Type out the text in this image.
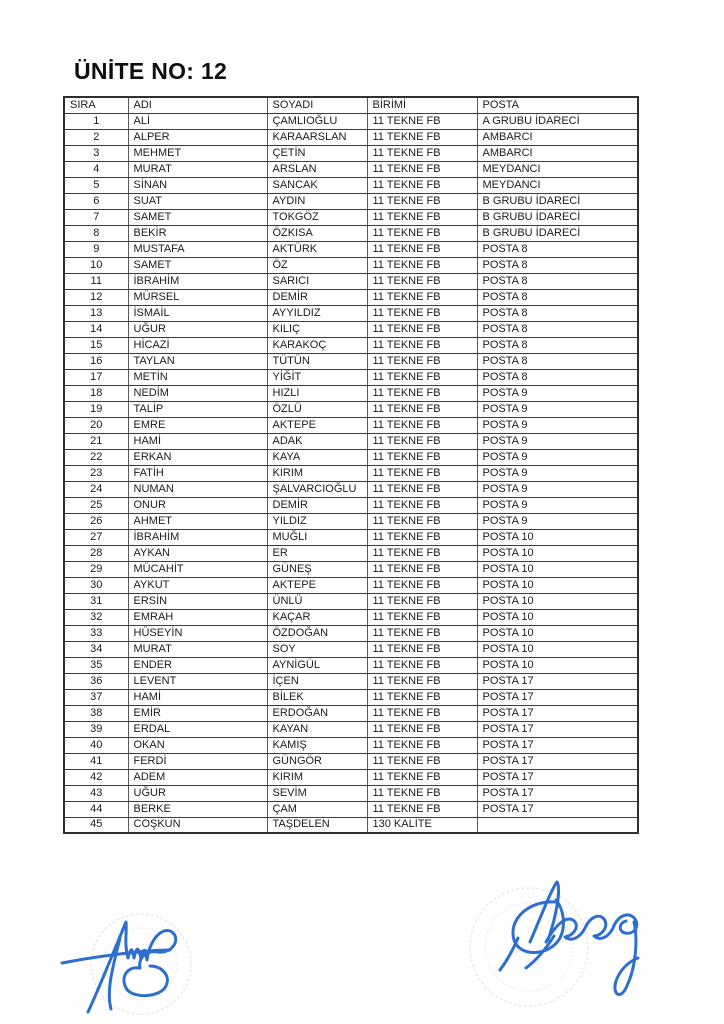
ÜNİTE NO: 12
SIRA	ADI	SOYADI	BİRİMİ	POSTA
1	ALİ	ÇAMLIOĞLU	11 TEKNE FB	A GRUBU İDARECİ
2	ALPER	KARAARSLAN	11 TEKNE FB	AMBARCI
3	MEHMET	ÇETİN	11 TEKNE FB	AMBARCI
4	MURAT	ARSLAN	11 TEKNE FB	MEYDANCI
5	SİNAN	SANCAK	11 TEKNE FB	MEYDANCI
6	SUAT	AYDIN	11 TEKNE FB	B GRUBU İDARECİ
7	SAMET	TOKGÖZ	11 TEKNE FB	B GRUBU İDARECİ
8	BEKİR	ÖZKISA	11 TEKNE FB	B GRUBU İDARECİ
9	MUSTAFA	AKTÜRK	11 TEKNE FB	POSTA 8
10	SAMET	ÖZ	11 TEKNE FB	POSTA 8
11	İBRAHİM	SARICI	11 TEKNE FB	POSTA 8
12	MÜRSEL	DEMİR	11 TEKNE FB	POSTA 8
13	İSMAİL	AYYILDIZ	11 TEKNE FB	POSTA 8
14	UĞUR	KILIÇ	11 TEKNE FB	POSTA 8
15	HİCAZİ	KARAKOÇ	11 TEKNE FB	POSTA 8
16	TAYLAN	TÜTÜN	11 TEKNE FB	POSTA 8
17	METİN	YİĞİT	11 TEKNE FB	POSTA 8
18	NEDİM	HIZLI	11 TEKNE FB	POSTA 9
19	TALİP	ÖZLÜ	11 TEKNE FB	POSTA 9
20	EMRE	AKTEPE	11 TEKNE FB	POSTA 9
21	HAMİ	ADAK	11 TEKNE FB	POSTA 9
22	ERKAN	KAYA	11 TEKNE FB	POSTA 9
23	FATİH	KIRIM	11 TEKNE FB	POSTA 9
24	NUMAN	ŞALVARCIOĞLU	11 TEKNE FB	POSTA 9
25	ONUR	DEMİR	11 TEKNE FB	POSTA 9
26	AHMET	YILDIZ	11 TEKNE FB	POSTA 9
27	İBRAHİM	MUĞLI	11 TEKNE FB	POSTA 10
28	AYKAN	ER	11 TEKNE FB	POSTA 10
29	MÜCAHİT	GÜNEŞ	11 TEKNE FB	POSTA 10
30	AYKUT	AKTEPE	11 TEKNE FB	POSTA 10
31	ERSİN	ÜNLÜ	11 TEKNE FB	POSTA 10
32	EMRAH	KAÇAR	11 TEKNE FB	POSTA 10
33	HÜSEYİN	ÖZDOĞAN	11 TEKNE FB	POSTA 10
34	MURAT	SOY	11 TEKNE FB	POSTA 10
35	ENDER	AYNİGÜL	11 TEKNE FB	POSTA 10
36	LEVENT	İÇEN	11 TEKNE FB	POSTA 17
37	HAMİ	BİLEK	11 TEKNE FB	POSTA 17
38	EMİR	ERDOĞAN	11 TEKNE FB	POSTA 17
39	ERDAL	KAYAN	11 TEKNE FB	POSTA 17
40	OKAN	KAMIŞ	11 TEKNE FB	POSTA 17
41	FERDİ	GÜNGÖR	11 TEKNE FB	POSTA 17
42	ADEM	KIRIM	11 TEKNE FB	POSTA 17
43	UĞUR	SEVİM	11 TEKNE FB	POSTA 17
44	BERKE	ÇAM	11 TEKNE FB	POSTA 17
45	COŞKUN	TAŞDELEN	130 KALİTE	
